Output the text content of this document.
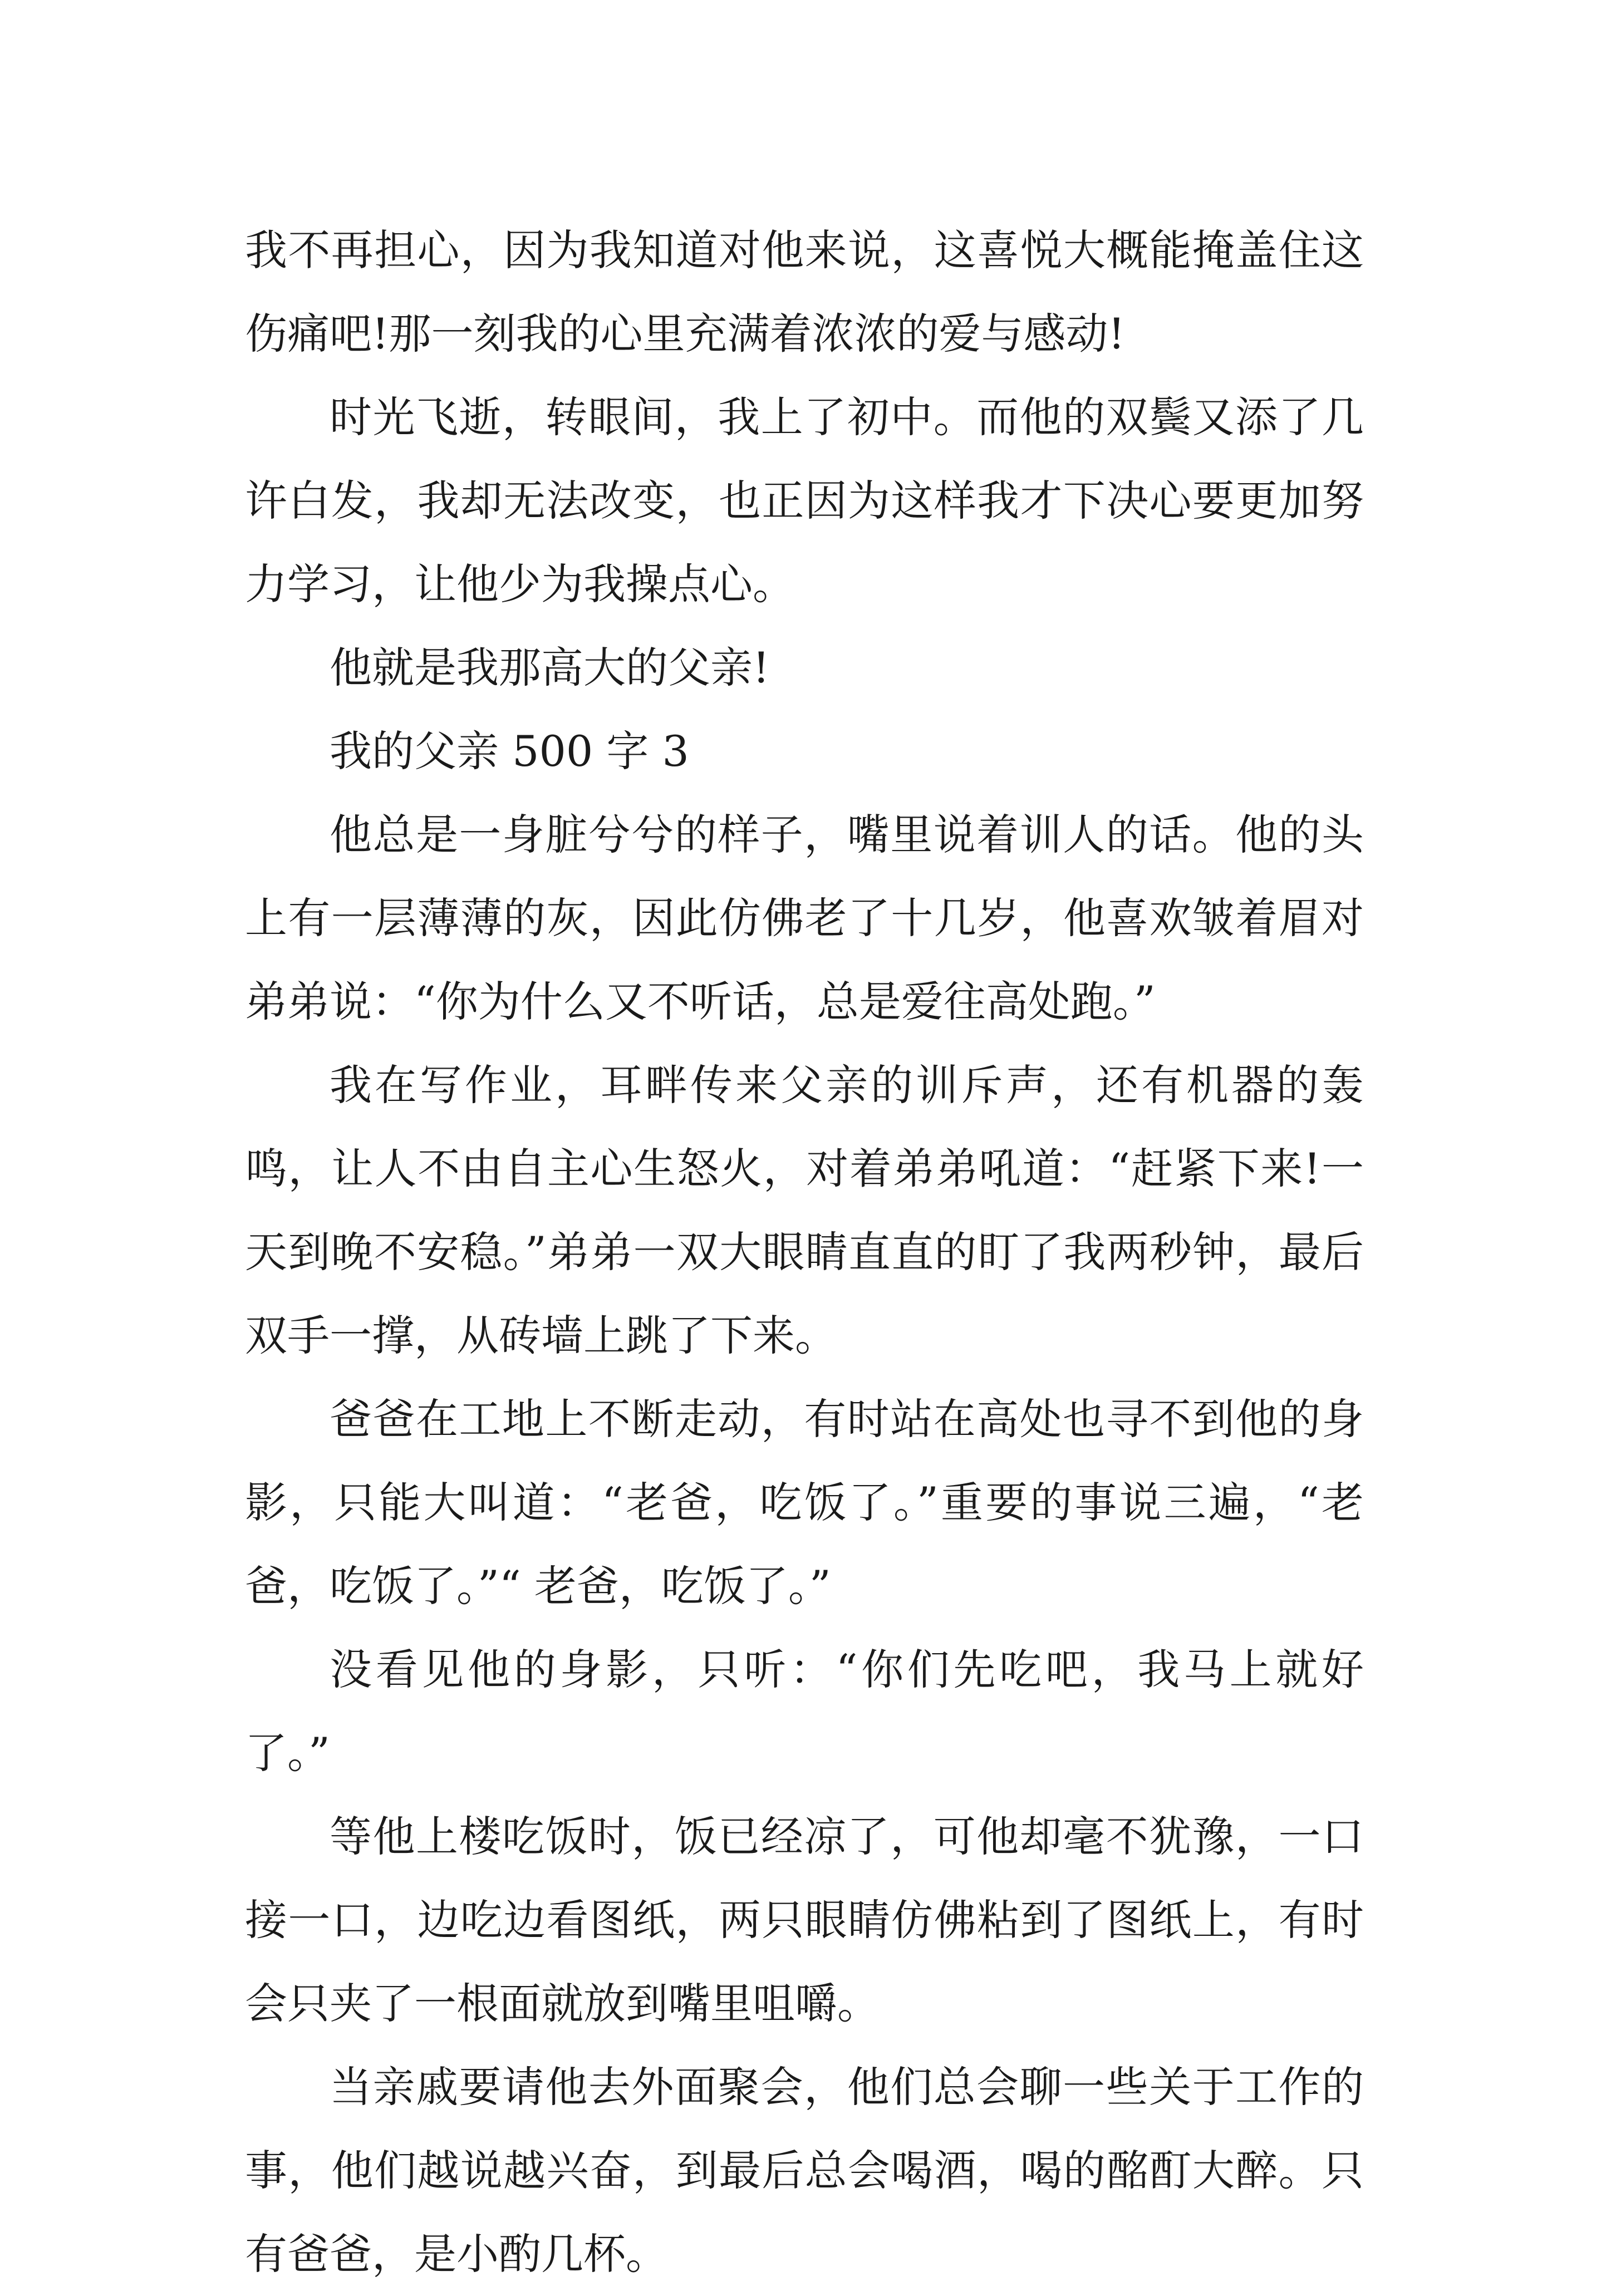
我不再担心，因为我知道对他来说，这喜悦大概能掩盖住这伤痛吧!那一刻我的心里充满着浓浓的爱与感动!

时光飞逝，转眼间，我上了初中。而他的双鬓又添了几许白发，我却无法改变，也正因为这样我才下决心要更加努力学习，让他少为我操点心。

他就是我那高大的父亲!

我的父亲 500 字 3

他总是一身脏兮兮的样子，嘴里说着训人的话。他的头上有一层薄薄的灰，因此仿佛老了十几岁，他喜欢皱着眉对弟弟说：“你为什么又不听话，总是爱往高处跑。”

我在写作业，耳畔传来父亲的训斥声，还有机器的轰鸣，让人不由自主心生怒火，对着弟弟吼道：“赶紧下来!一天到晚不安稳。”弟弟一双大眼睛直直的盯了我两秒钟，最后双手一撑，从砖墙上跳了下来。

爸爸在工地上不断走动，有时站在高处也寻不到他的身影，只能大叫道：“老爸，吃饭了。”重要的事说三遍，“老爸，吃饭了。”“ 老爸，吃饭了。”

没看见他的身影，只听：“你们先吃吧，我马上就好了。”

等他上楼吃饭时，饭已经凉了，可他却毫不犹豫，一口接一口，边吃边看图纸，两只眼睛仿佛粘到了图纸上，有时会只夹了一根面就放到嘴里咀嚼。

当亲戚要请他去外面聚会，他们总会聊一些关于工作的事，他们越说越兴奋，到最后总会喝酒，喝的酩酊大醉。只有爸爸，是小酌几杯。
